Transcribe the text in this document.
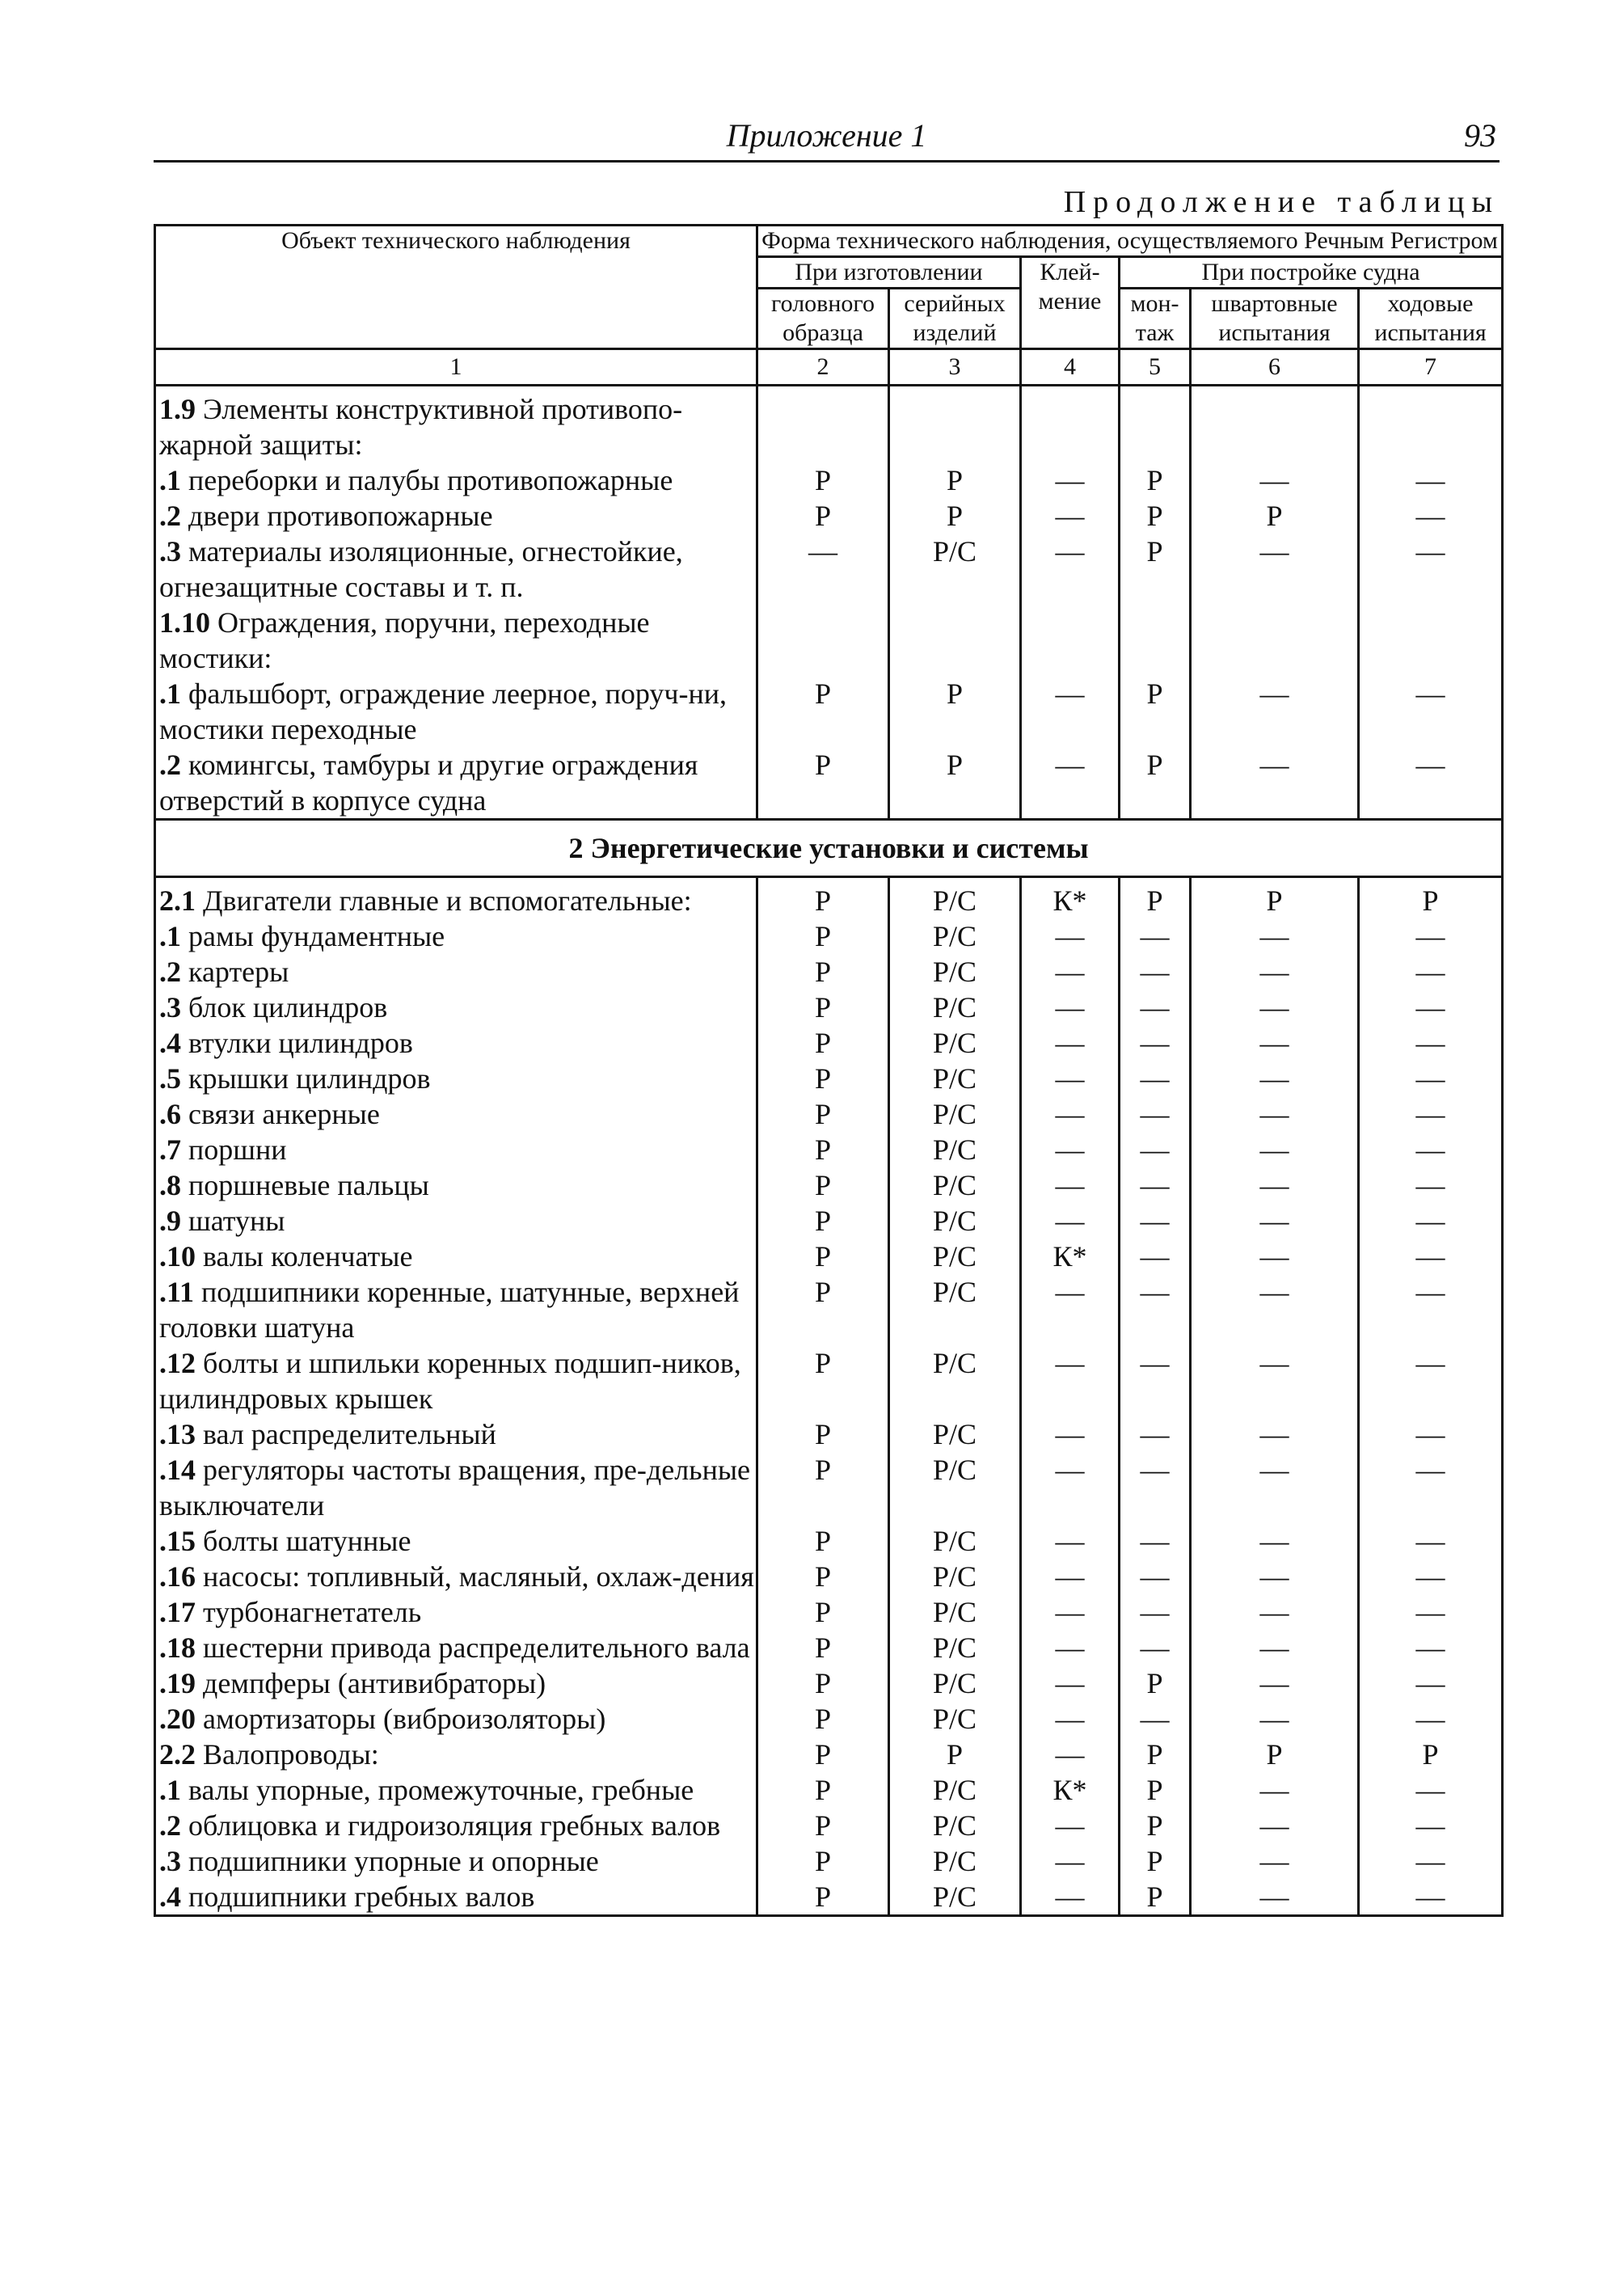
Приложение 1	93
Продолжение таблицы
Объект технического наблюдения	Форма технического наблюдения, осуществляемого Речным Регистром					
	При изготовлении		Клей-мение	При постройке судна		
	головного образца	серийных изделий		мон-таж	швартовные испытания	ходовые испытания
1	2	3	4	5	6	7
1.9 Элементы конструктивной противопо-жарной защиты:						
.1 переборки и палубы противопожарные	Р	Р	—	Р	—	—
.2 двери противопожарные	Р	Р	—	Р	Р	—
.3 материалы изоляционные, огнестойкие, огнезащитные составы и т. п.	—	Р/С	—	Р	—	—
1.10 Ограждения, поручни, переходные мостики:						
.1 фальшборт, ограждение леерное, поруч-ни, мостики переходные	Р	Р	—	Р	—	—
.2 комингсы, тамбуры и другие ограждения отверстий в корпусе судна	Р	Р	—	Р	—	—
2 Энергетические установки и системы						
2.1 Двигатели главные и вспомогательные:	Р	Р/С	К*	Р	Р	Р
.1 рамы фундаментные	Р	Р/С	—	—	—	—
.2 картеры	Р	Р/С	—	—	—	—
.3 блок цилиндров	Р	Р/С	—	—	—	—
.4 втулки цилиндров	Р	Р/С	—	—	—	—
.5 крышки цилиндров	Р	Р/С	—	—	—	—
.6 связи анкерные	Р	Р/С	—	—	—	—
.7 поршни	Р	Р/С	—	—	—	—
.8 поршневые пальцы	Р	Р/С	—	—	—	—
.9 шатуны	Р	Р/С	—	—	—	—
.10 валы коленчатые	Р	Р/С	К*	—	—	—
.11 подшипники коренные, шатунные, верхней головки шатуна	Р	Р/С	—	—	—	—
.12 болты и шпильки коренных подшип-ников, цилиндровых крышек	Р	Р/С	—	—	—	—
.13 вал распределительный	Р	Р/С	—	—	—	—
.14 регуляторы частоты вращения, пре-дельные выключатели	Р	Р/С	—	—	—	—
.15 болты шатунные	Р	Р/С	—	—	—	—
.16 насосы: топливный, масляный, охлаж-дения	Р	Р/С	—	—	—	—
.17 турбонагнетатель	Р	Р/С	—	—	—	—
.18 шестерни привода распределительного вала	Р	Р/С	—	—	—	—
.19 демпферы (антивибраторы)	Р	Р/С	—	Р	—	—
.20 амортизаторы (виброизоляторы)	Р	Р/С	—	—	—	—
2.2 Валопроводы:	Р	Р	—	Р	Р	Р
.1 валы упорные, промежуточные, гребные	Р	Р/С	К*	Р	—	—
.2 облицовка и гидроизоляция гребных валов	Р	Р/С	—	Р	—	—
.3 подшипники упорные и опорные	Р	Р/С	—	Р	—	—
.4 подшипники гребных валов	Р	Р/С	—	Р	—	—
